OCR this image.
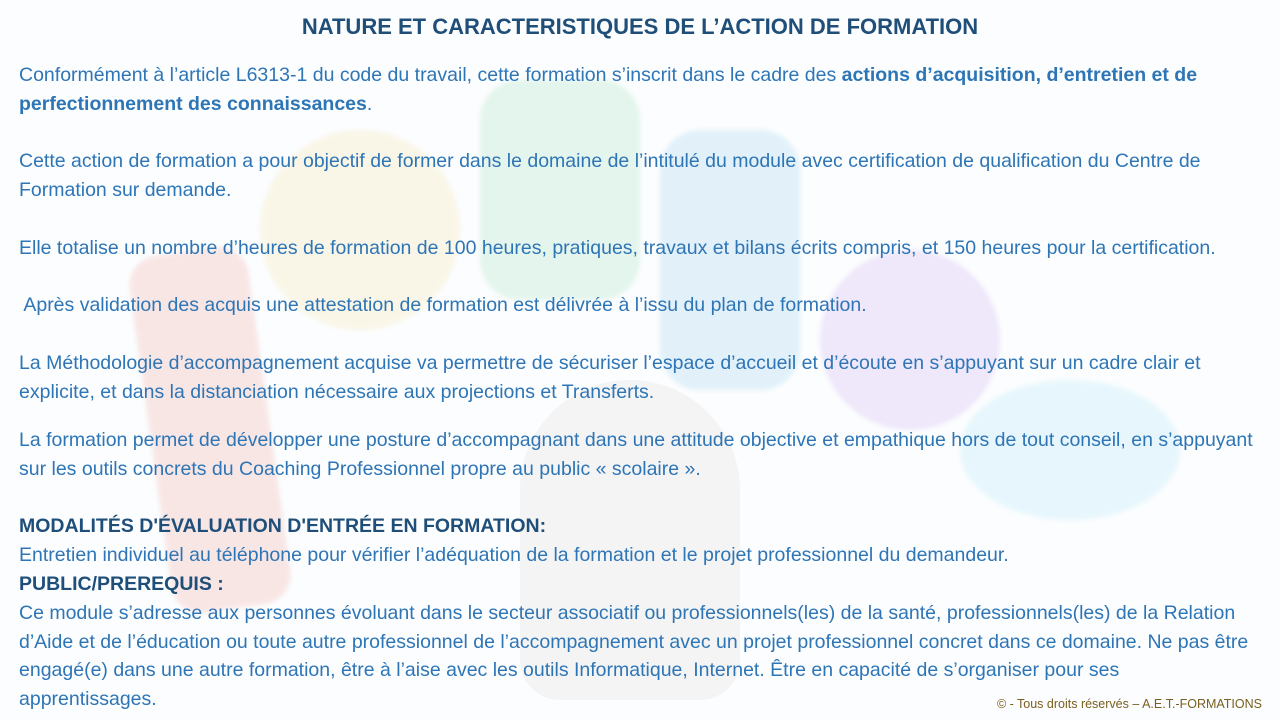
NATURE ET CARACTERISTIQUES DE L’ACTION DE FORMATION
Conformément à l’article L6313-1 du code du travail, cette formation s’inscrit dans le cadre des actions d’acquisition, d’entretien et de perfectionnement des connaissances.
Cette action de formation a pour objectif de former dans le domaine de l’intitulé du module avec certification de qualification du Centre de Formation sur demande.
Elle totalise un nombre d’heures de formation de 100 heures, pratiques, travaux et bilans écrits compris, et 150 heures pour la certification.
Après validation des acquis une attestation de formation est délivrée à l’issu du plan de formation.
La Méthodologie d’accompagnement acquise va permettre de sécuriser l’espace d’accueil et d’écoute en s’appuyant sur un cadre clair et explicite, et dans la distanciation nécessaire aux projections et Transferts.
La formation permet de développer une posture d’accompagnant dans une attitude objective et empathique hors de tout conseil, en s’appuyant sur les outils concrets du Coaching Professionnel propre au public « scolaire ».
MODALITÉS D'ÉVALUATION D'ENTRÉE EN FORMATION:
Entretien individuel au téléphone pour vérifier l’adéquation de la formation et le projet professionnel du demandeur.
PUBLIC/PREREQUIS :
Ce module s’adresse aux personnes évoluant dans le secteur associatif ou professionnels(les) de la santé, professionnels(les) de la Relation d’Aide et de l’éducation ou toute autre professionnel de l’accompagnement avec un projet professionnel concret dans ce domaine. Ne pas être engagé(e) dans une autre formation, être à l’aise avec les outils Informatique, Internet. Être en capacité de s’organiser pour ses apprentissages.	© - Tous droits réservés – A.E.T.-FORMATIONS
